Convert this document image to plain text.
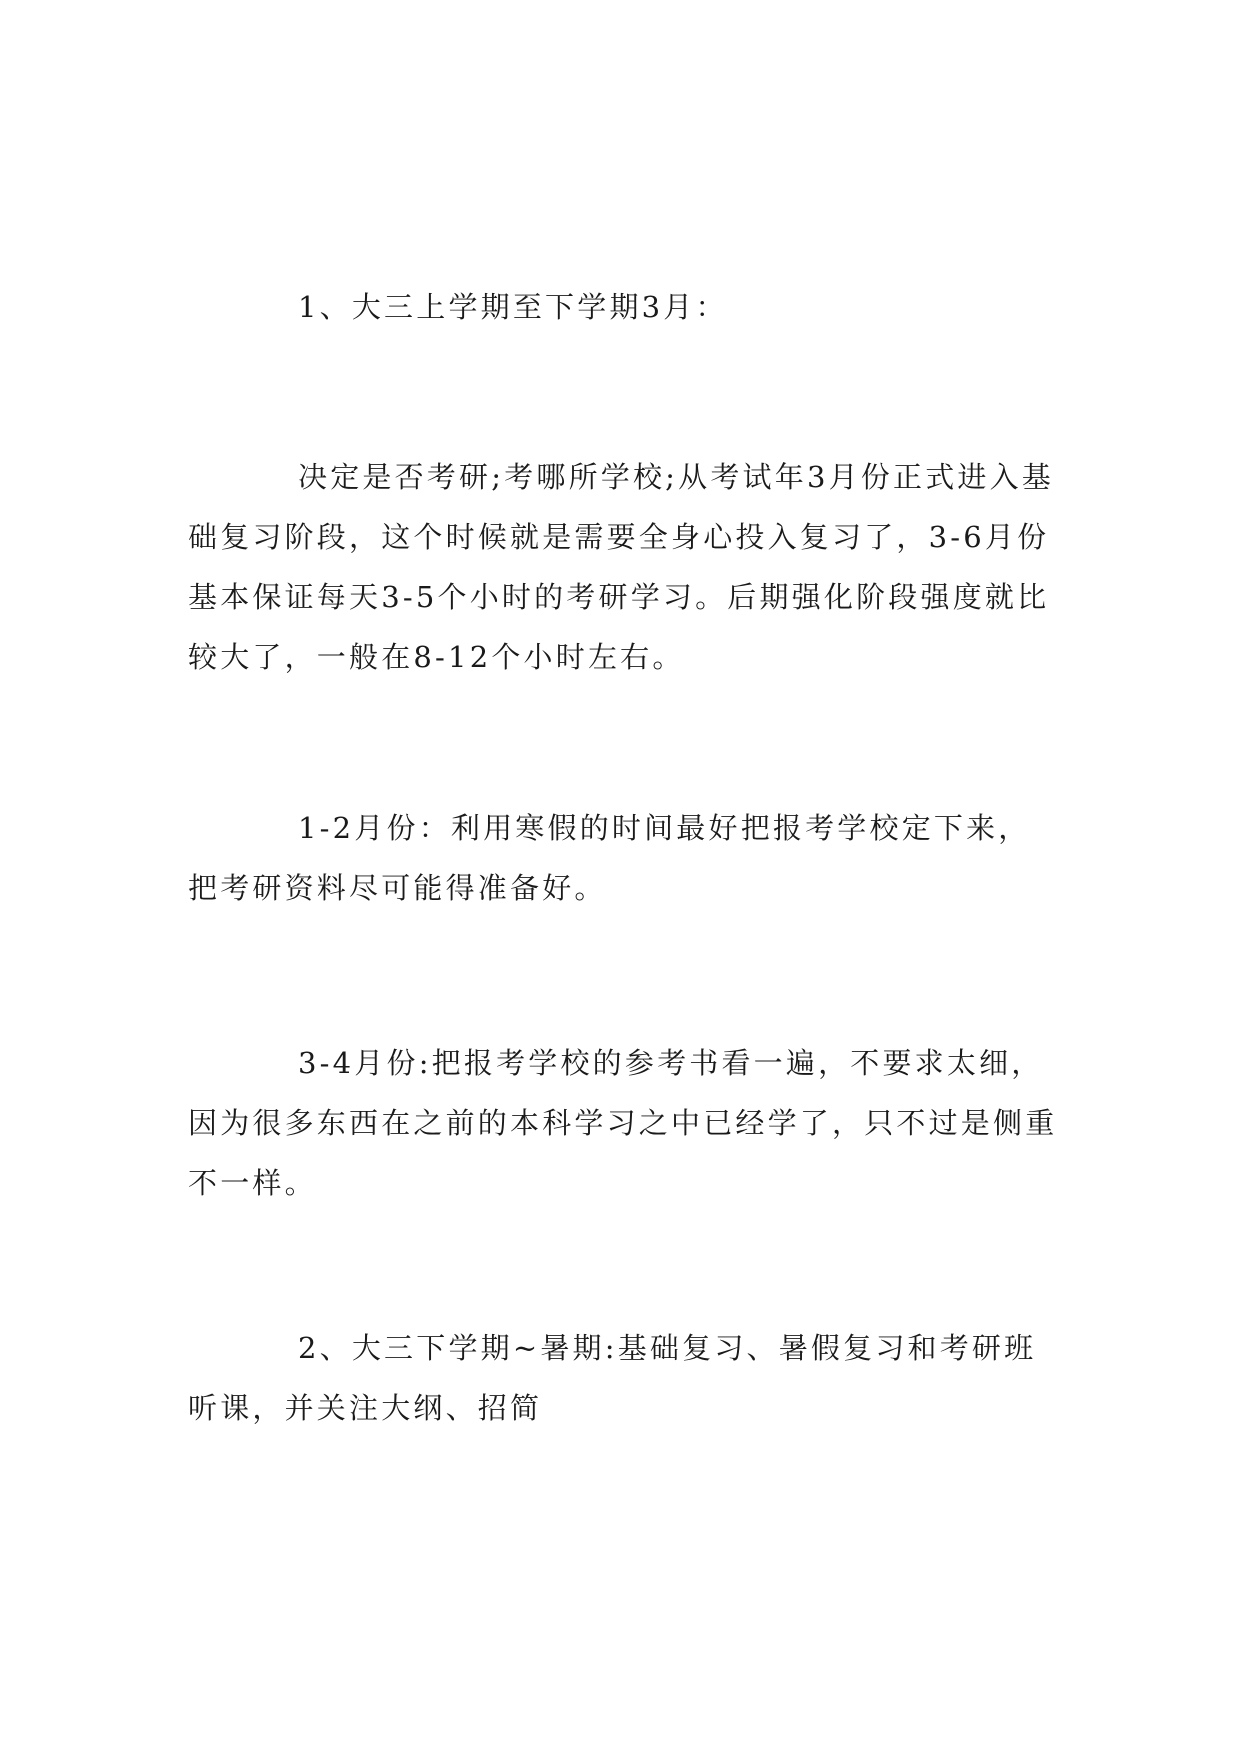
1、大三上学期至下学期3月：

决定是否考研;考哪所学校;从考试年3月份正式进入基础复习阶段，这个时候就是需要全身心投入复习了，3-6月份基本保证每天3-5个小时的考研学习。后期强化阶段强度就比较大了，一般在8-12个小时左右。

1-2月份：利用寒假的时间最好把报考学校定下来，把考研资料尽可能得准备好。

3-4月份:把报考学校的参考书看一遍，不要求太细，因为很多东西在之前的本科学习之中已经学了，只不过是侧重不一样。

2、大三下学期~暑期:基础复习、暑假复习和考研班听课，并关注大纲、招简
